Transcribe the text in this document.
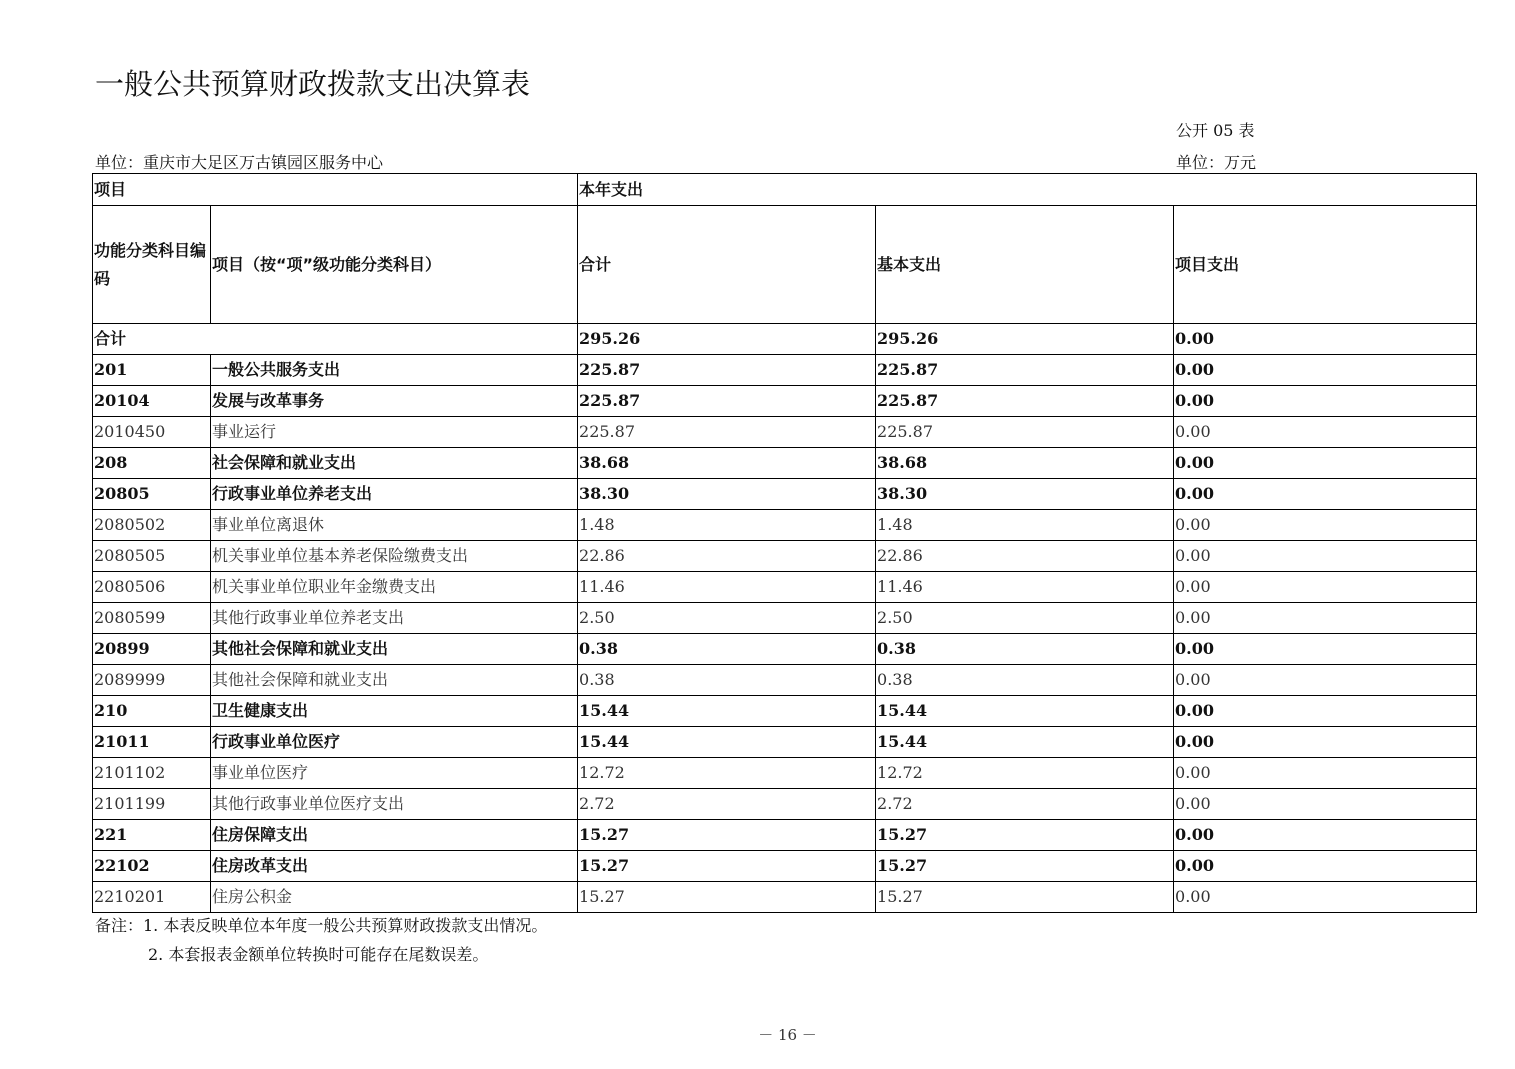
一般公共预算财政拨款支出决算表
公开 05 表
单位：重庆市大足区万古镇园区服务中心	单位：万元
项目		本年支出		
功能分类科目编码	项目（按“项”级功能分类科目）	合计	基本支出	项目支出
合计		295.26	295.26	0.00
201	一般公共服务支出	225.87	225.87	0.00
20104	发展与改革事务	225.87	225.87	0.00
2010450	事业运行	225.87	225.87	0.00
208	社会保障和就业支出	38.68	38.68	0.00
20805	行政事业单位养老支出	38.30	38.30	0.00
2080502	事业单位离退休	1.48	1.48	0.00
2080505	机关事业单位基本养老保险缴费支出	22.86	22.86	0.00
2080506	机关事业单位职业年金缴费支出	11.46	11.46	0.00
2080599	其他行政事业单位养老支出	2.50	2.50	0.00
20899	其他社会保障和就业支出	0.38	0.38	0.00
2089999	其他社会保障和就业支出	0.38	0.38	0.00
210	卫生健康支出	15.44	15.44	0.00
21011	行政事业单位医疗	15.44	15.44	0.00
2101102	事业单位医疗	12.72	12.72	0.00
2101199	其他行政事业单位医疗支出	2.72	2.72	0.00
221	住房保障支出	15.27	15.27	0.00
22102	住房改革支出	15.27	15.27	0.00
2210201	住房公积金	15.27	15.27	0.00
备注：1. 本表反映单位本年度一般公共预算财政拨款支出情况。
2. 本套报表金额单位转换时可能存在尾数误差。
－ 16 －
